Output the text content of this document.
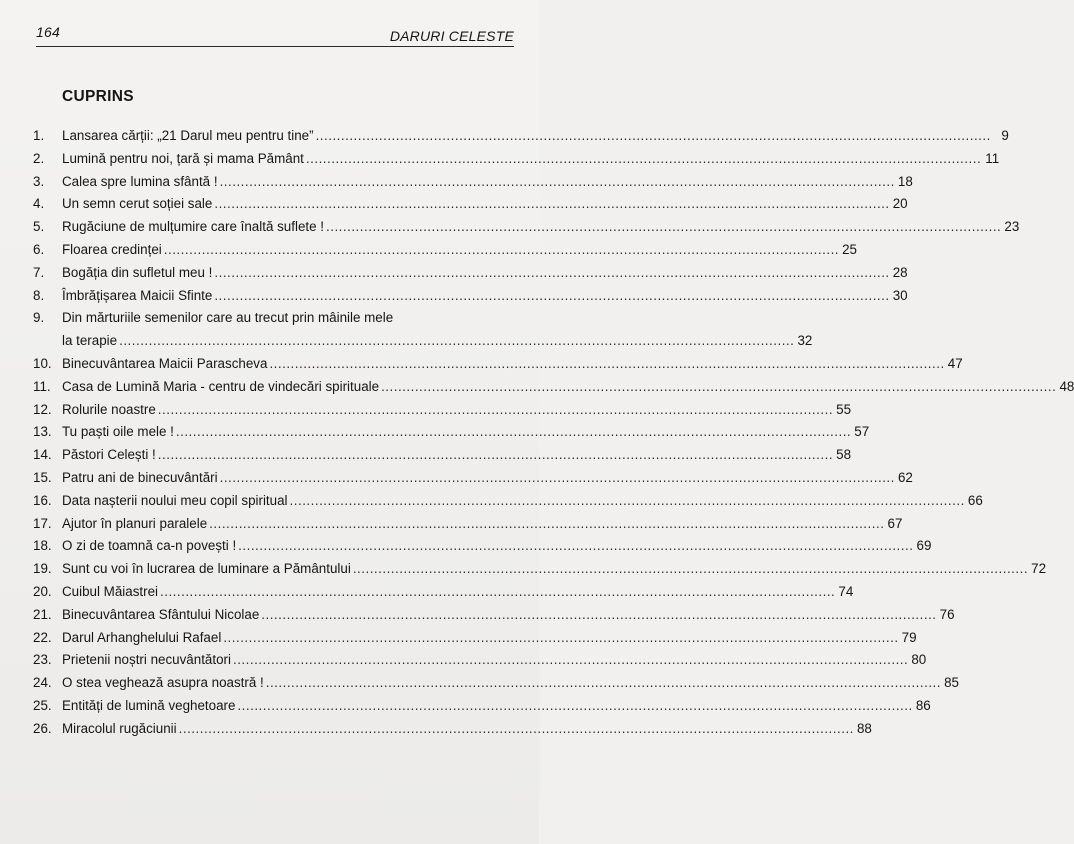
164	DARURI CELESTE
CUPRINS
1.	Lansarea cărții: „21 Darul meu pentru tine” .....	9
2.	Lumină pentru noi, țară și mama Pământ .....	11
3.	Calea spre lumina sfântă ! .....	18
4.	Un semn cerut soției sale .....	20
5.	Rugăciune de mulțumire care înaltă suflete ! .....	23
6.	Floarea credinței .....	25
7.	Bogăția din sufletul meu ! .....	28
8.	Îmbrățișarea Maicii Sfinte .....	30
9.	Din mărturiile semenilor care au trecut prin mâinile mele
la terapie .....	32
10. Binecuvântarea Maicii Parascheva .....	47
11. Casa de Lumină Maria - centru de vindecări spirituale .....	48
12. Rolurile noastre .....	55
13. Tu paști oile mele ! .....	57
14. Păstori Celești ! .....	58
15. Patru ani de binecuvântări .....	62
16. Data nașterii noului meu copil spiritual .....	66
17. Ajutor în planuri paralele .....	67
18. O zi de toamnă ca-n povești ! .....	69
19. Sunt cu voi în lucrarea de luminare a Pământului .....	72
20. Cuibul Măiastrei .....	74
21. Binecuvântarea Sfântului Nicolae .....	76
22. Darul Arhanghelului Rafael .....	79
23. Prietenii noștri necuvântători .....	80
24. O stea veghează asupra noastră ! .....	85
25. Entități de lumină veghetoare .....	86
26. Miracolul rugăciunii .....	88
